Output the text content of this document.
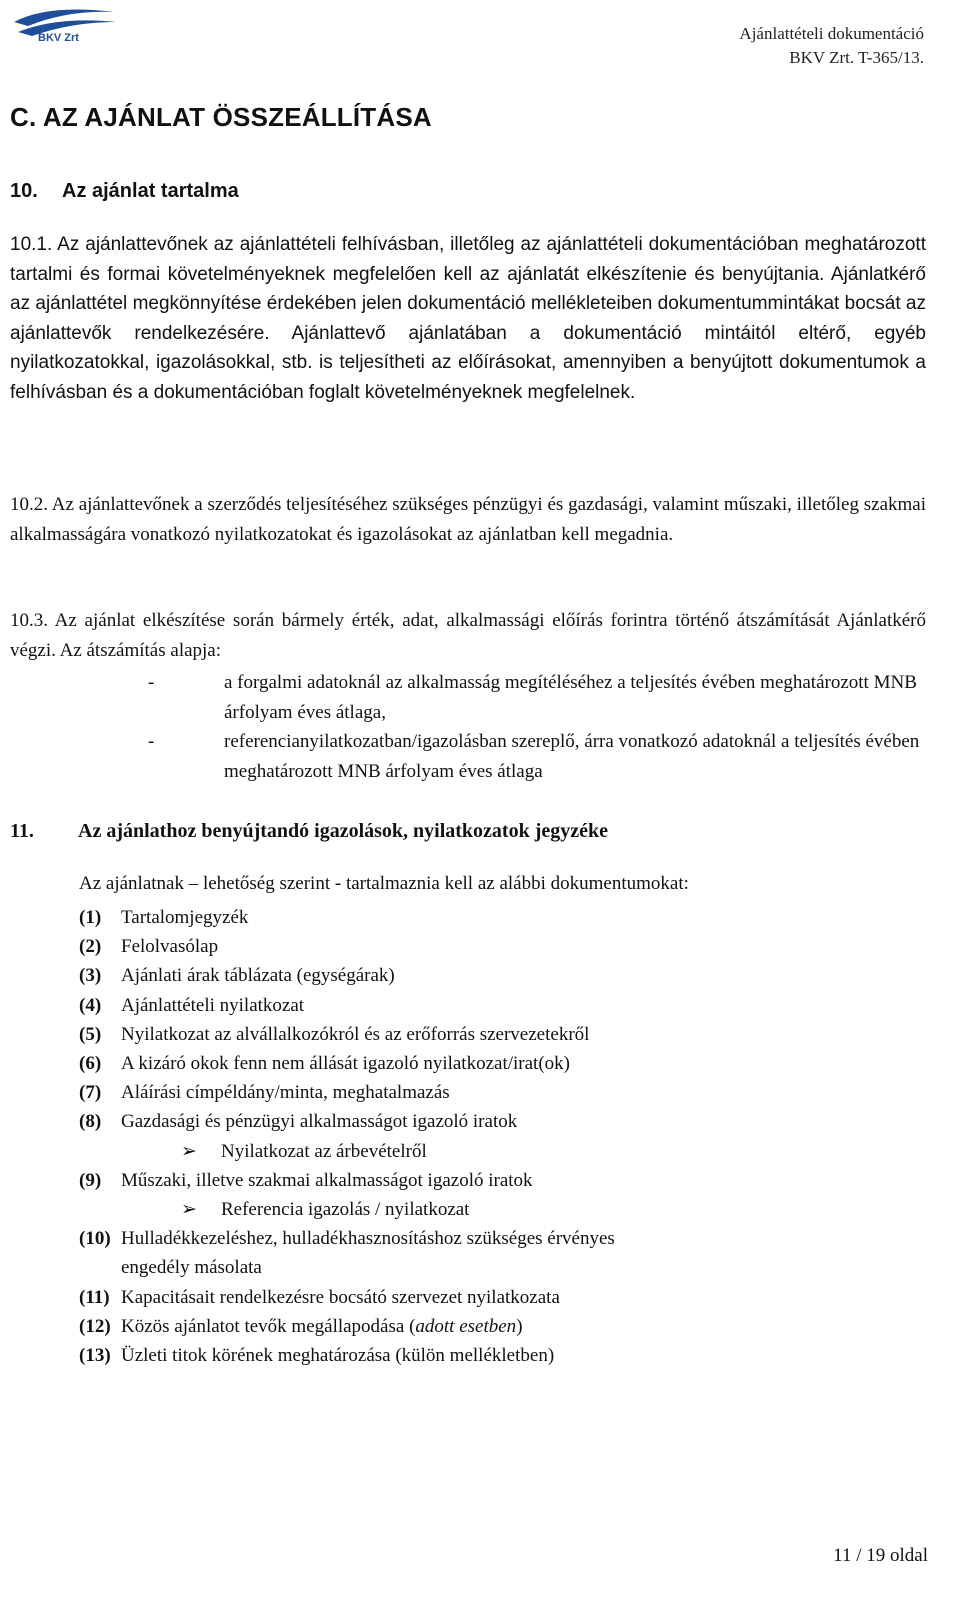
BKV Zrt	Ajánlattételi dokumentáció
BKV Zrt. T-365/13.
C. AZ AJÁNLAT ÖSSZEÁLLÍTÁSA
10. Az ajánlat tartalma
10.1. Az ajánlattevőnek az ajánlattételi felhívásban, illetőleg az ajánlattételi dokumentációban meghatározott tartalmi és formai követelményeknek megfelelően kell az ajánlatát elkészítenie és benyújtania. Ajánlatkérő az ajánlattétel megkönnyítése érdekében jelen dokumentáció mellékleteiben dokumentummintákat bocsát az ajánlattevők rendelkezésére. Ajánlattevő ajánlatában a dokumentáció mintáitól eltérő, egyéb nyilatkozatokkal, igazolásokkal, stb. is teljesítheti az előírásokat, amennyiben a benyújtott dokumentumok a felhívásban és a dokumentációban foglalt követelményeknek megfelelnek.
10.2. Az ajánlattevőnek a szerződés teljesítéséhez szükséges pénzügyi és gazdasági, valamint műszaki, illetőleg szakmai alkalmasságára vonatkozó nyilatkozatokat és igazolásokat az ajánlatban kell megadnia.
10.3. Az ajánlat elkészítése során bármely érték, adat, alkalmassági előírás forintra történő átszámítását Ajánlatkérő végzi. Az átszámítás alapja:
-	a forgalmi adatoknál az alkalmasság megítéléséhez a teljesítés évében meghatározott MNB árfolyam éves átlaga,
-	referencianyilatkozatban/igazolásban szereplő, árra vonatkozó adatoknál a teljesítés évében meghatározott MNB árfolyam éves átlaga
11. Az ajánlathoz benyújtandó igazolások, nyilatkozatok jegyzéke
Az ajánlatnak – lehetőség szerint - tartalmaznia kell az alábbi dokumentumokat:
(1) Tartalomjegyzék
(2) Felolvasólap
(3) Ajánlati árak táblázata (egységárak)
(4) Ajánlattételi nyilatkozat
(5) Nyilatkozat az alvállalkozókról és az erőforrás szervezetekről
(6) A kizáró okok fenn nem állását igazoló nyilatkozat/irat(ok)
(7) Aláírási címpéldány/minta, meghatalmazás
(8) Gazdasági és pénzügyi alkalmasságot igazoló iratok
➢ Nyilatkozat az árbevételről
(9) Műszaki, illetve szakmai alkalmasságot igazoló iratok
➢ Referencia igazolás / nyilatkozat
(10) Hulladékkezeléshez, hulladékhasznosításhoz szükséges érvényes engedély másolata
(11) Kapacitásait rendelkezésre bocsátó szervezet nyilatkozata
(12) Közös ajánlatot tevők megállapodása (adott esetben)
(13) Üzleti titok körének meghatározása (külön mellékletben)
11 / 19 oldal
